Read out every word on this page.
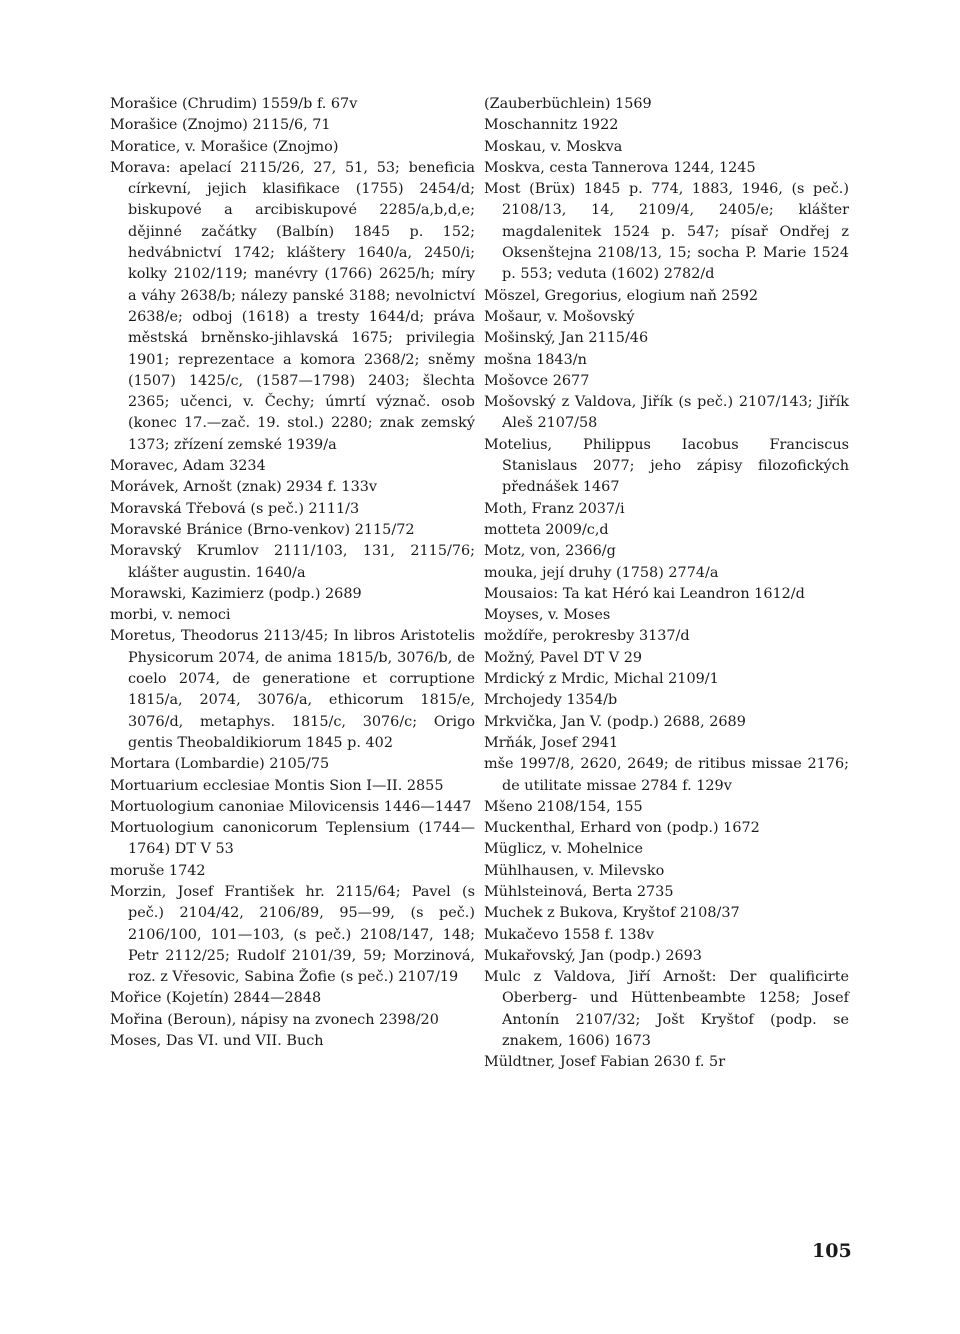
Morašice (Chrudim) 1559/b f. 67v

Morašice (Znojmo) 2115/6, 71

Moratice, v. Morašice (Znojmo)

Morava: apelací 2115/26, 27, 51, 53; beneficia církevní, jejich klasifikace (1755) 2454/d; biskupové a arcibiskupové 2285/a,b,d,e; dějinné začátky (Balbín) 1845 p. 152; hedvábnictví 1742; kláštery 1640/a, 2450/i; kolky 2102/119; manévry (1766) 2625/h; míry a váhy 2638/b; nálezy panské 3188; nevolnictví 2638/e; odboj (1618) a tresty 1644/d; práva městská brněnsko-jihlavská 1675; privilegia 1901; reprezentace a komora 2368/2; sněmy (1507) 1425/c, (1587—1798) 2403; šlechta 2365; učenci, v. Čechy; úmrtí význač. osob (konec 17.—zač. 19. stol.) 2280; znak zemský 1373; zřízení zemské 1939/a

Moravec, Adam 3234

Morávek, Arnošt (znak) 2934 f. 133v

Moravská Třebová (s peč.) 2111/3

Moravské Bránice (Brno-venkov) 2115/72

Moravský Krumlov 2111/103, 131, 2115/76; klášter augustin. 1640/a

Morawski, Kazimierz (podp.) 2689

morbi, v. nemoci

Moretus, Theodorus 2113/45; In libros Aristotelis Physicorum 2074, de anima 1815/b, 3076/b, de coelo 2074, de generatione et corruptione 1815/a, 2074, 3076/a, ethicorum 1815/e, 3076/d, metaphys. 1815/c, 3076/c; Origo gentis Theobaldikiorum 1845 p. 402

Mortara (Lombardie) 2105/75

Mortuarium ecclesiae Montis Sion I—II. 2855

Mortuologium canoniae Milovicensis 1446—1447

Mortuologium canonicorum Teplensium (1744—1764) DT V 53

moruše 1742

Morzin, Josef František hr. 2115/64; Pavel (s peč.) 2104/42, 2106/89, 95—99, (s peč.) 2106/100, 101—103, (s peč.) 2108/147, 148; Petr 2112/25; Rudolf 2101/39, 59; Morzinová, roz. z Vřesovic, Sabina Žofie (s peč.) 2107/19

Mořice (Kojetín) 2844—2848

Mořina (Beroun), nápisy na zvonech 2398/20

Moses, Das VI. und VII. Buch

(Zauberbüchlein) 1569

Moschannitz 1922

Moskau, v. Moskva

Moskva, cesta Tannerova 1244, 1245

Most (Brüx) 1845 p. 774, 1883, 1946, (s peč.) 2108/13, 14, 2109/4, 2405/e; klášter magdalenitek 1524 p. 547; písař Ondřej z Oksenštejna 2108/13, 15; socha P. Marie 1524 p. 553; veduta (1602) 2782/d

Möszel, Gregorius, elogium naň 2592

Mošaur, v. Mošovský

Mošinský, Jan 2115/46

mošna 1843/n

Mošovce 2677

Mošovský z Valdova, Jiřík (s peč.) 2107/143; Jiřík Aleš 2107/58

Motelius, Philippus Iacobus Franciscus Stanislaus 2077; jeho zápisy filozofických přednášek 1467

Moth, Franz 2037/i

motteta 2009/c,d

Motz, von, 2366/g

mouka, její druhy (1758) 2774/a

Mousaios: Ta kat Héró kai Leandron 1612/d

Moyses, v. Moses

moždíře, perokresby 3137/d

Možný, Pavel DT V 29

Mrdický z Mrdic, Michal 2109/1

Mrchojedy 1354/b

Mrkvička, Jan V. (podp.) 2688, 2689

Mrňák, Josef 2941

mše 1997/8, 2620, 2649; de ritibus missae 2176; de utilitate missae 2784 f. 129v

Mšeno 2108/154, 155

Muckenthal, Erhard von (podp.) 1672

Müglicz, v. Mohelnice

Mühlhausen, v. Milevsko

Mühlsteinová, Berta 2735

Muchek z Bukova, Kryštof 2108/37

Mukačevo 1558 f. 138v

Mukařovský, Jan (podp.) 2693

Mulc z Valdova, Jiří Arnošt: Der qualificirte Oberberg- und Hüttenbeambte 1258; Josef Antonín 2107/32; Jošt Kryštof (podp. se znakem, 1606) 1673

Müldtner, Josef Fabian 2630 f. 5r

105
